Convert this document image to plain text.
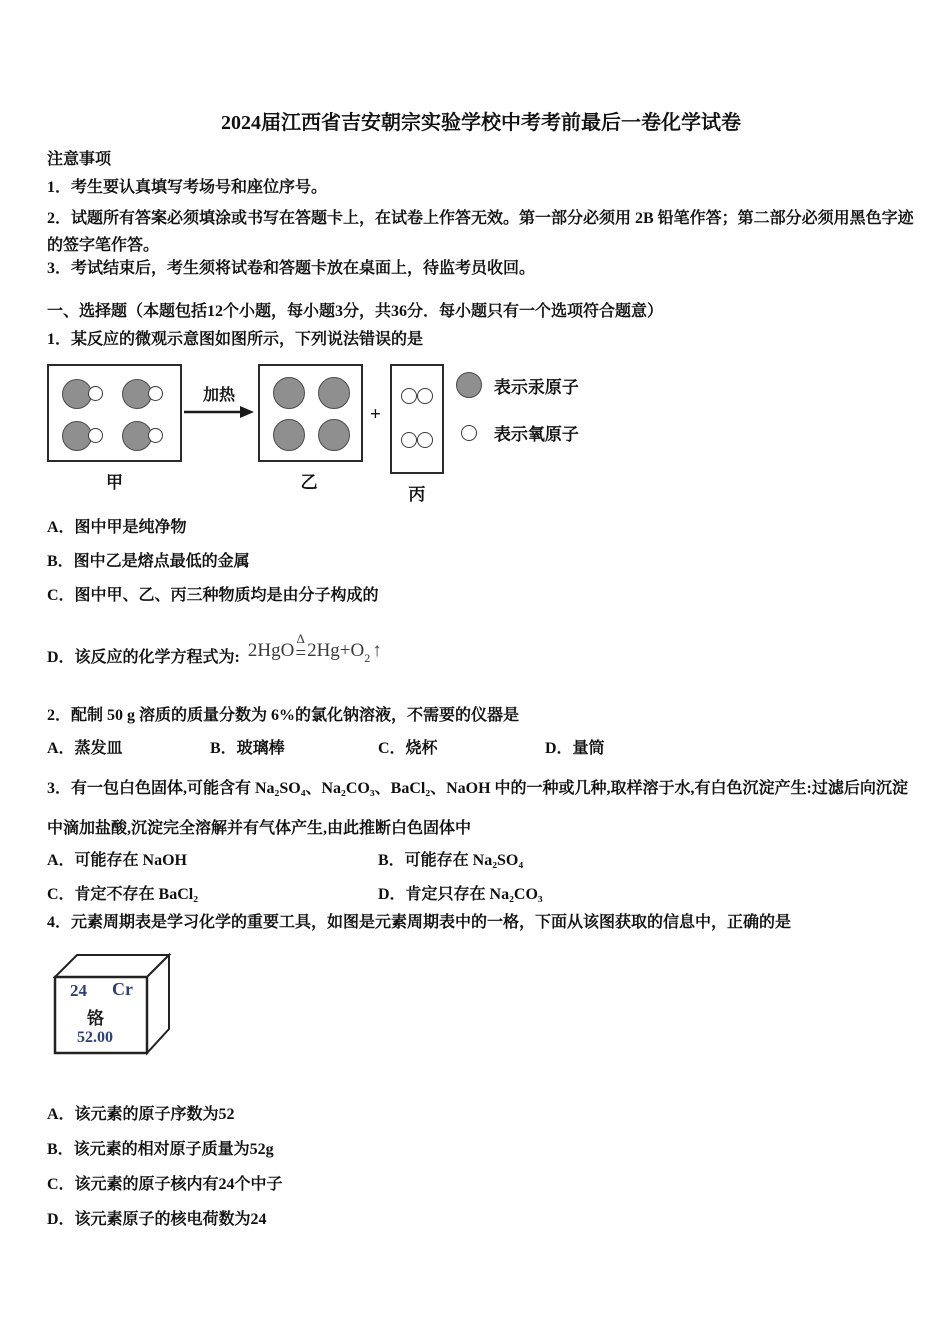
2024届江西省吉安朝宗实验学校中考考前最后一卷化学试卷
注意事项
1．考生要认真填写考场号和座位序号。
2．试题所有答案必须填涂或书写在答题卡上，在试卷上作答无效。第一部分必须用 2B 铅笔作答；第二部分必须用黑色字迹的签字笔作答。
3．考试结束后，考生须将试卷和答题卡放在桌面上，待监考员收回。
一、选择题（本题包括12个小题，每小题3分，共36分．每小题只有一个选项符合题意）
1．某反应的微观示意图如图所示，下列说法错误的是
甲
加热
乙
+
丙
表示汞原子
表示氧原子
A．图中甲是纯净物
B．图中乙是熔点最低的金属
C．图中甲、乙、丙三种物质均是由分子构成的
D．该反应的化学方程式为: 2HgO
Δ
= 2Hg+O 2 ↑
2．配制 50 g 溶质的质量分数为 6%的氯化钠溶液，不需要的仪器是
A．蒸发皿	B．玻璃棒	C．烧杯	D．量筒
3．有一包白色固体,可能含有 Na₂SO₄、Na₂CO₃、BaCl₂、NaOH 中的一种或几种,取样溶于水,有白色沉淀产生:过滤后向沉淀中滴加盐酸,沉淀完全溶解并有气体产生,由此推断白色固体中
A．可能存在 NaOH	B．可能存在 Na₂SO₄
C．肯定不存在 BaCl₂	D．肯定只存在 Na₂CO₃
4．元素周期表是学习化学的重要工具，如图是元素周期表中的一格，下面从该图获取的信息中，正确的是
24 Cr
铬
52.00
A．该元素的原子序数为52
B．该元素的相对原子质量为52g
C．该元素的原子核内有24个中子
D．该元素原子的核电荷数为24
